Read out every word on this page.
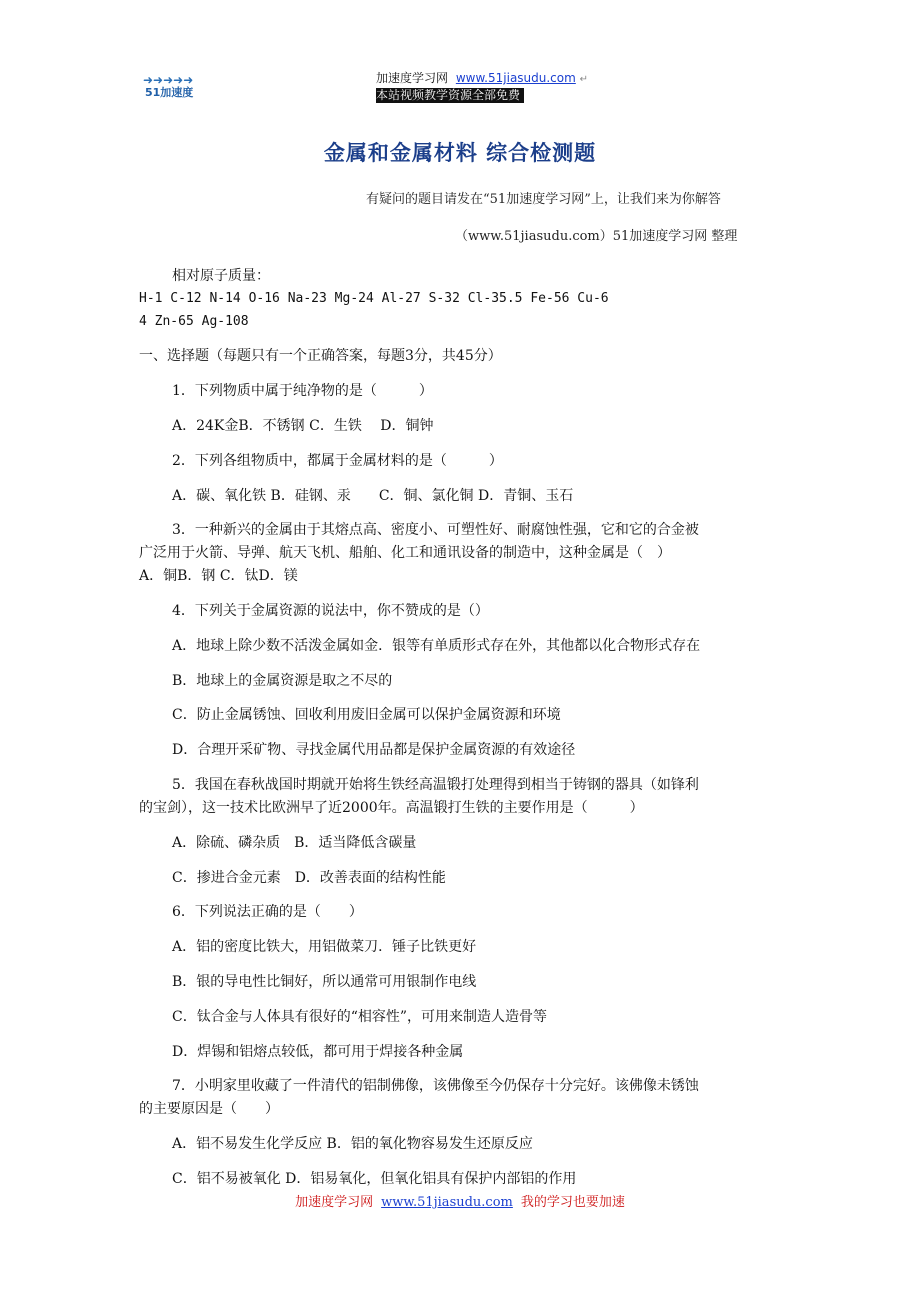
➜➜➜➜➜
51加速度
加速度学习网 www.51jiasudu.com ↵
本站视频教学资源全部免费
金属和金属材料 综合检测题
有疑问的题目请发在“51加速度学习网”上，让我们来为你解答
（www.51jiasudu.com）51加速度学习网 整理
相对原子质量：
H-1 C-12 N-14 O-16 Na-23 Mg-24 Al-27 S-32 Cl-35.5 Fe-56 Cu-6
4 Zn-65 Ag-108
一、选择题（每题只有一个正确答案，每题3分，共45分）
1．下列物质中属于纯净物的是（　　　）
A．24K金B．不锈钢 C．生铁　 D．铜钟
2．下列各组物质中，都属于金属材料的是（　　　）
A．碳、氧化铁 B．硅钢、汞　　C．铜、氯化铜 D．青铜、玉石
3．一种新兴的金属由于其熔点高、密度小、可塑性好、耐腐蚀性强，它和它的合金被
广泛用于火箭、导弹、航天飞机、船舶、化工和通讯设备的制造中，这种金属是（　）
A．铜B．钢 C．钛D．镁
4．下列关于金属资源的说法中，你不赞成的是（）
A．地球上除少数不活泼金属如金．银等有单质形式存在外，其他都以化合物形式存在
B．地球上的金属资源是取之不尽的
C．防止金属锈蚀、回收利用废旧金属可以保护金属资源和环境
D．合理开采矿物、寻找金属代用品都是保护金属资源的有效途径
5．我国在春秋战国时期就开始将生铁经高温锻打处理得到相当于铸钢的器具（如锋利
的宝剑），这一技术比欧洲早了近2000年。高温锻打生铁的主要作用是（　　　）
A．除硫、磷杂质　B．适当降低含碳量
C．掺进合金元素　D．改善表面的结构性能
6．下列说法正确的是（　　）
A．铝的密度比铁大，用铝做菜刀．锤子比铁更好
B．银的导电性比铜好，所以通常可用银制作电线
C．钛合金与人体具有很好的“相容性”，可用来制造人造骨等
D．焊锡和铝熔点较低，都可用于焊接各种金属
7．小明家里收藏了一件清代的铝制佛像，该佛像至今仍保存十分完好。该佛像未锈蚀
的主要原因是（　　）
A．铝不易发生化学反应 B．铝的氧化物容易发生还原反应
C．铝不易被氧化 D．铝易氧化，但氧化铝具有保护内部铝的作用
加速度学习网 www.51jiasudu.com 我的学习也要加速
